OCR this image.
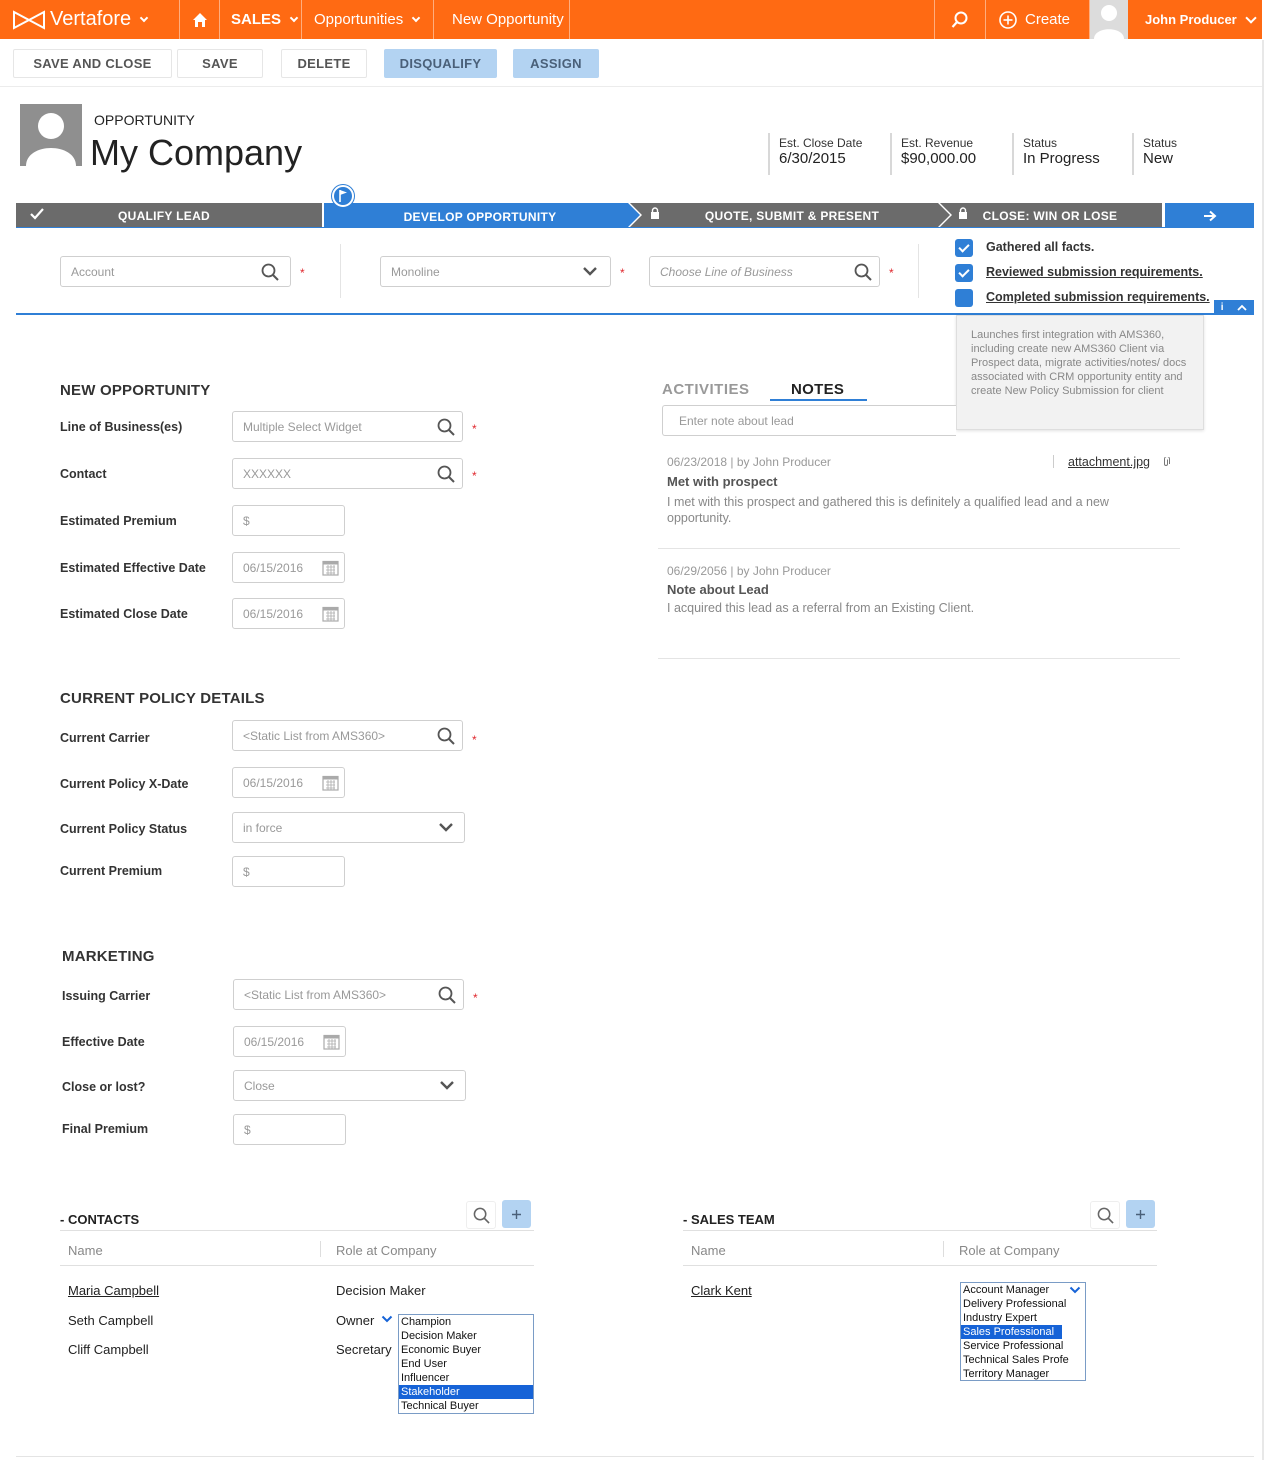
Vertafore	SALES Opportunities	New Opportunity	Create	John Producer
SAVE AND CLOSE	SAVE	DELETE	DISQUALIFY	ASSIGN
OPPORTUNITY
My Company	Est. Close Date
6/30/2015
Est. Revenue
$90,000.00
Status
In Progress
Status
New
QUALIFY LEAD	DEVELOP OPPORTUNITY	QUOTE, SUBMIT & PRESENT	CLOSE: WIN OR LOSE
Account	*	Monoline	*	Choose Line of Business	*
Gathered all facts.
Reviewed submission requirements.
Completed submission requirements.
i
Launches first integration with AMS360, including create new AMS360 Client via Prospect data, migrate activities/notes/ docs associated with CRM opportunity entity and create New Policy Submission for client
NEW OPPORTUNITY
Line of Business(es)	Multiple Select Widget	*
Contact	XXXXXX	*
Estimated Premium	$
Estimated Effective Date	06/15/2016
Estimated Close Date	06/15/2016
CURRENT POLICY DETAILS
Current Carrier	<Static List from AMS360>	*
Current Policy X-Date	06/15/2016
Current Policy Status	in force
Current Premium	$
MARKETING
Issuing Carrier	<Static List from AMS360>	*
Effective Date	06/15/2016
Close or lost?	Close
Final Premium	$
ACTIVITIES	NOTES
Enter note about lead
06/23/2018 | by John Producer	attachment.jpg
Met with prospect
I met with this prospect and gathered this is definitely a qualified lead and a new opportunity.
06/29/2056 | by John Producer
Note about Lead
I acquired this lead as a referral from an Existing Client.
- CONTACTS
Name	Role at Company
Maria Campbell	Decision Maker
Seth Campbell	Owner
Cliff Campbell	Secretary
Champion
Decision Maker
Economic Buyer
End User
Influencer
Stakeholder
Technical Buyer
- SALES TEAM
Name	Role at Company
Clark Kent	Account Manager
Delivery Professional
Industry Expert
Sales Professional
Service Professional
Technical Sales Profe
Territory Manager
